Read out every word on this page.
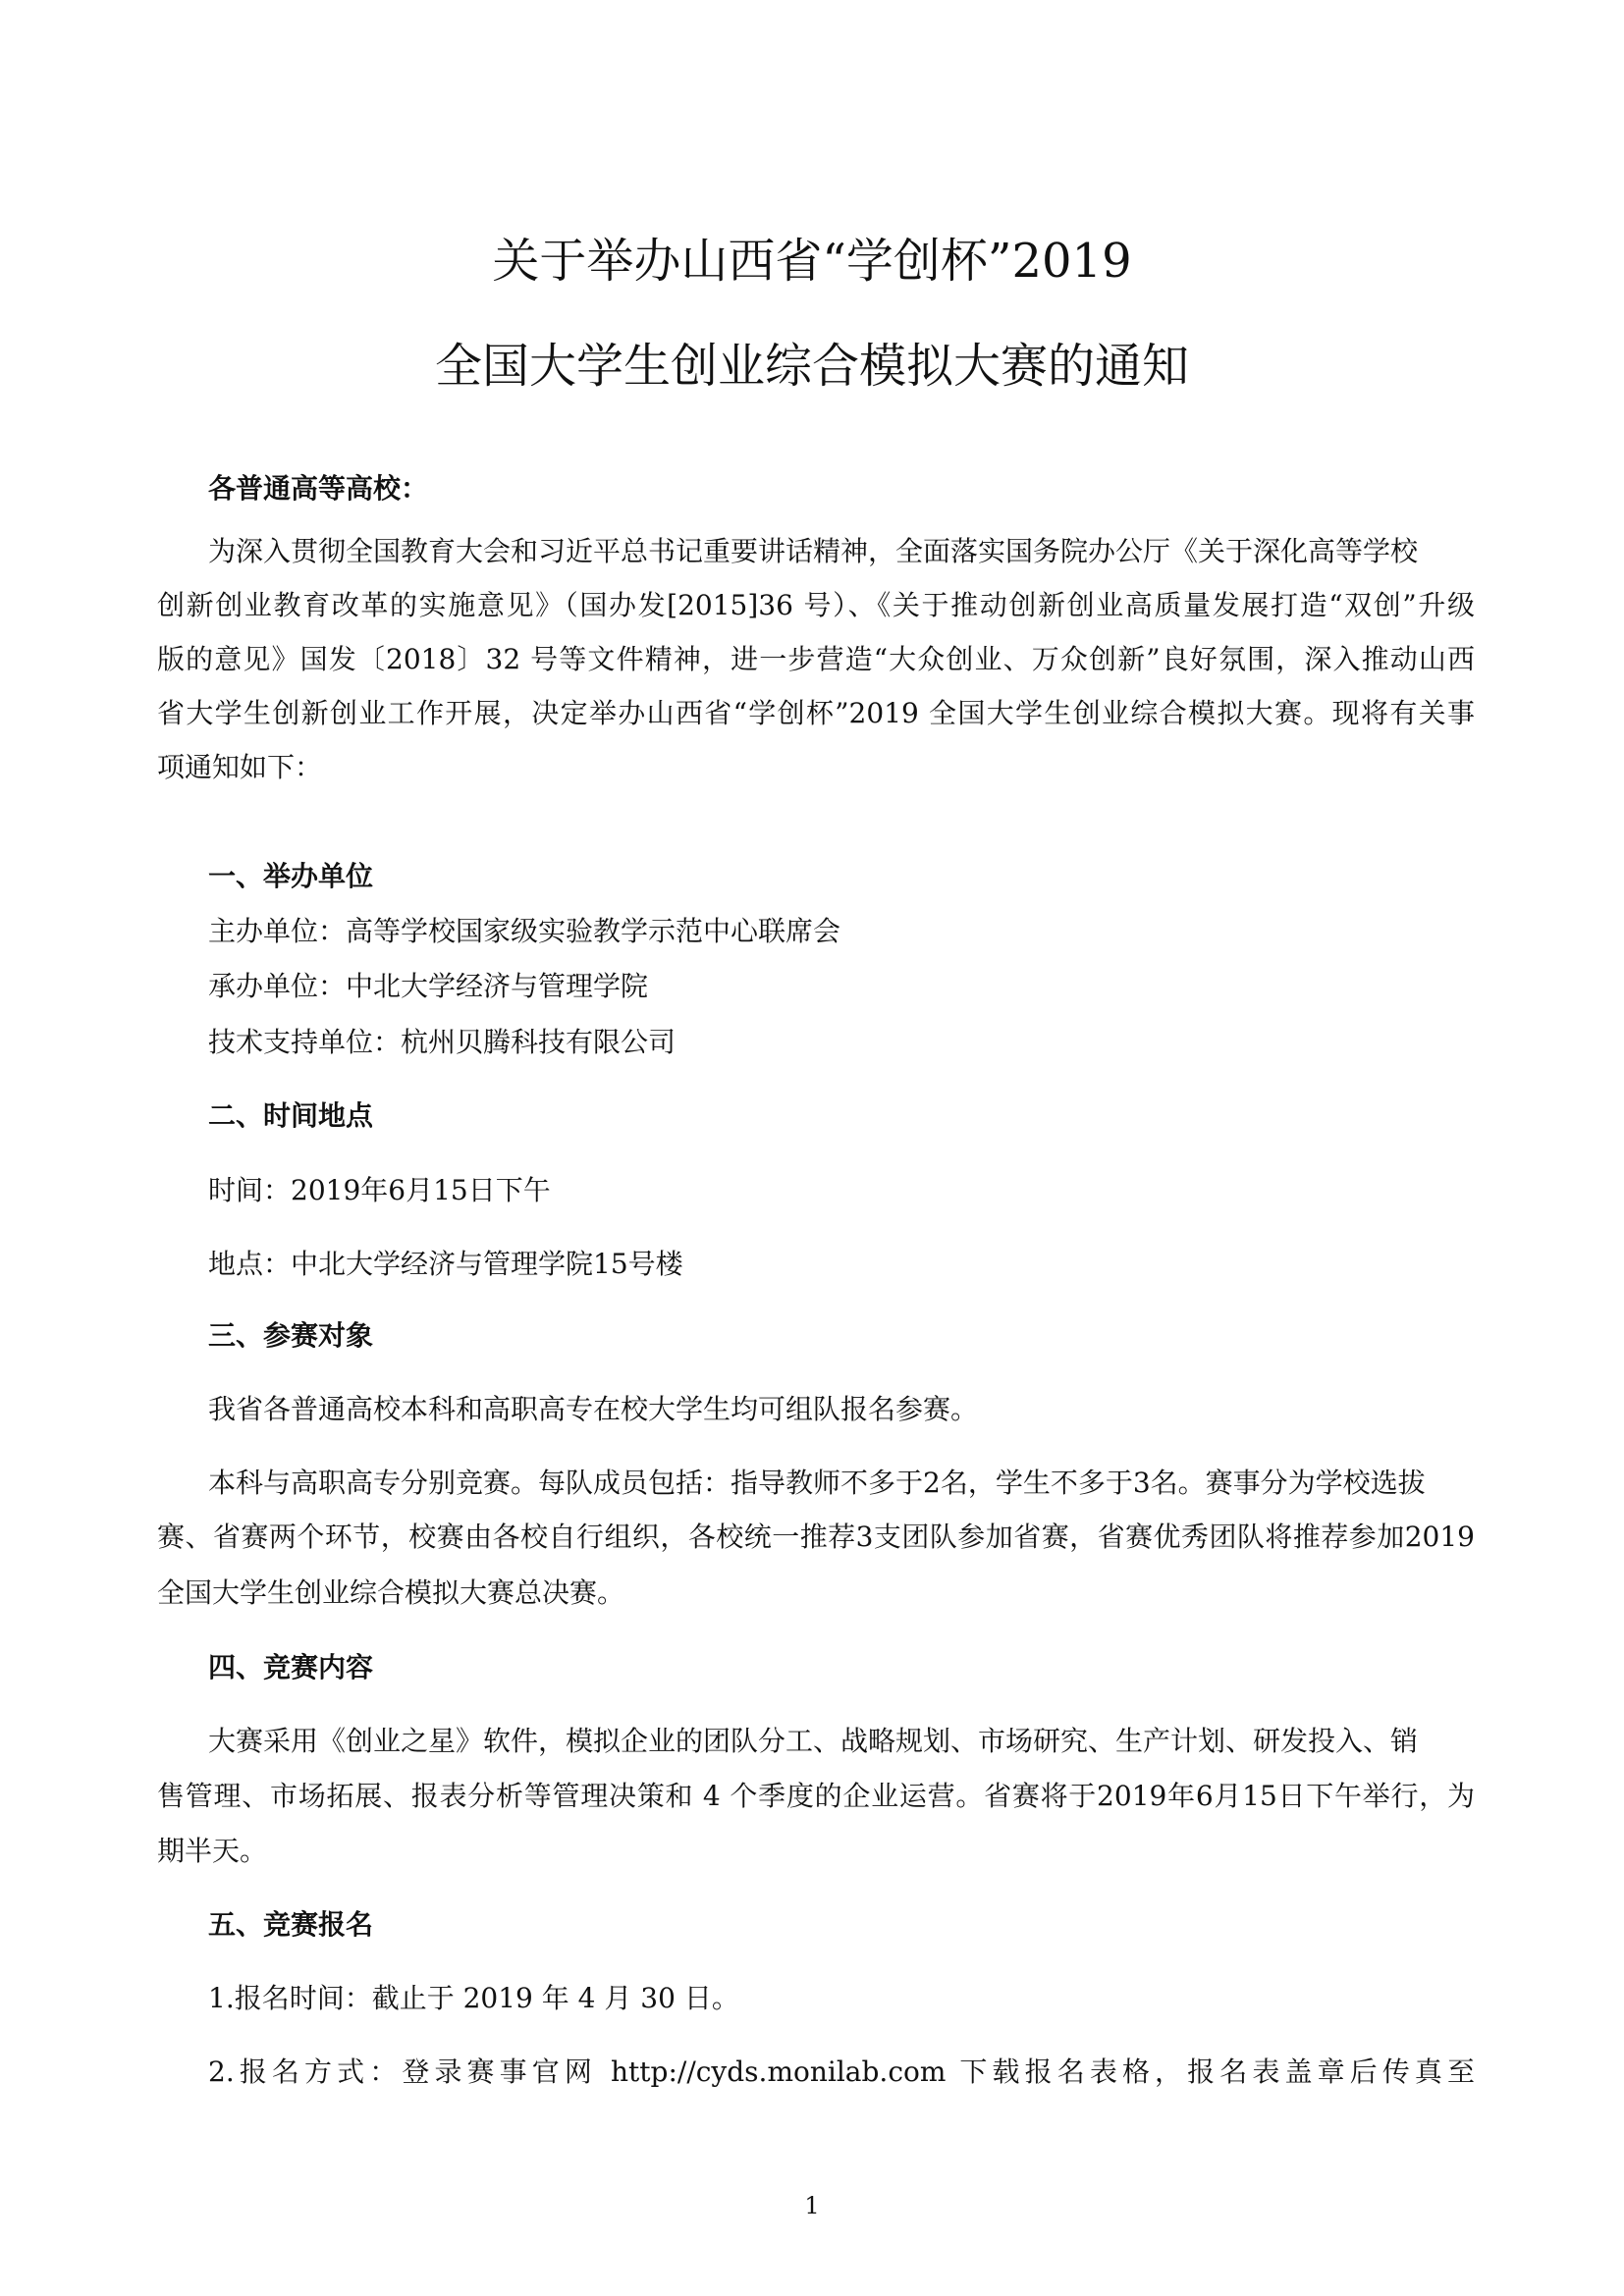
关于举办山西省“学创杯”2019
全国大学生创业综合模拟大赛的通知
各普通高等高校：
为深入贯彻全国教育大会和习近平总书记重要讲话精神，全面落实国务院办公厅《关于深化高等学校
创新创业教育改革的实施意见》（国办发[2015]36 号）、《关于推动创新创业高质量发展打造“双创”升级
版的意见》国发〔2018〕32 号等文件精神，进一步营造“大众创业、万众创新”良好氛围，深入推动山西
省大学生创新创业工作开展，决定举办山西省“学创杯”2019 全国大学生创业综合模拟大赛。现将有关事
项通知如下：
一、举办单位
主办单位：高等学校国家级实验教学示范中心联席会
承办单位：中北大学经济与管理学院
技术支持单位：杭州贝腾科技有限公司
二、时间地点
时间：2019年6月15日下午
地点：中北大学经济与管理学院15号楼
三、参赛对象
我省各普通高校本科和高职高专在校大学生均可组队报名参赛。
本科与高职高专分别竞赛。每队成员包括：指导教师不多于2名，学生不多于3名。赛事分为学校选拔
赛、省赛两个环节，校赛由各校自行组织，各校统一推荐3支团队参加省赛，省赛优秀团队将推荐参加2019
全国大学生创业综合模拟大赛总决赛。
四、竞赛内容
大赛采用《创业之星》软件，模拟企业的团队分工、战略规划、市场研究、生产计划、研发投入、销
售管理、市场拓展、报表分析等管理决策和 4 个季度的企业运营。省赛将于2019年6月15日下午举行，为
期半天。
五、竞赛报名
1.报名时间：截止于 2019 年 4 月 30 日。
2.报名方式：登录赛事官网 http://cyds.monilab.com 下载报名表格，报名表盖章后传真至
1
